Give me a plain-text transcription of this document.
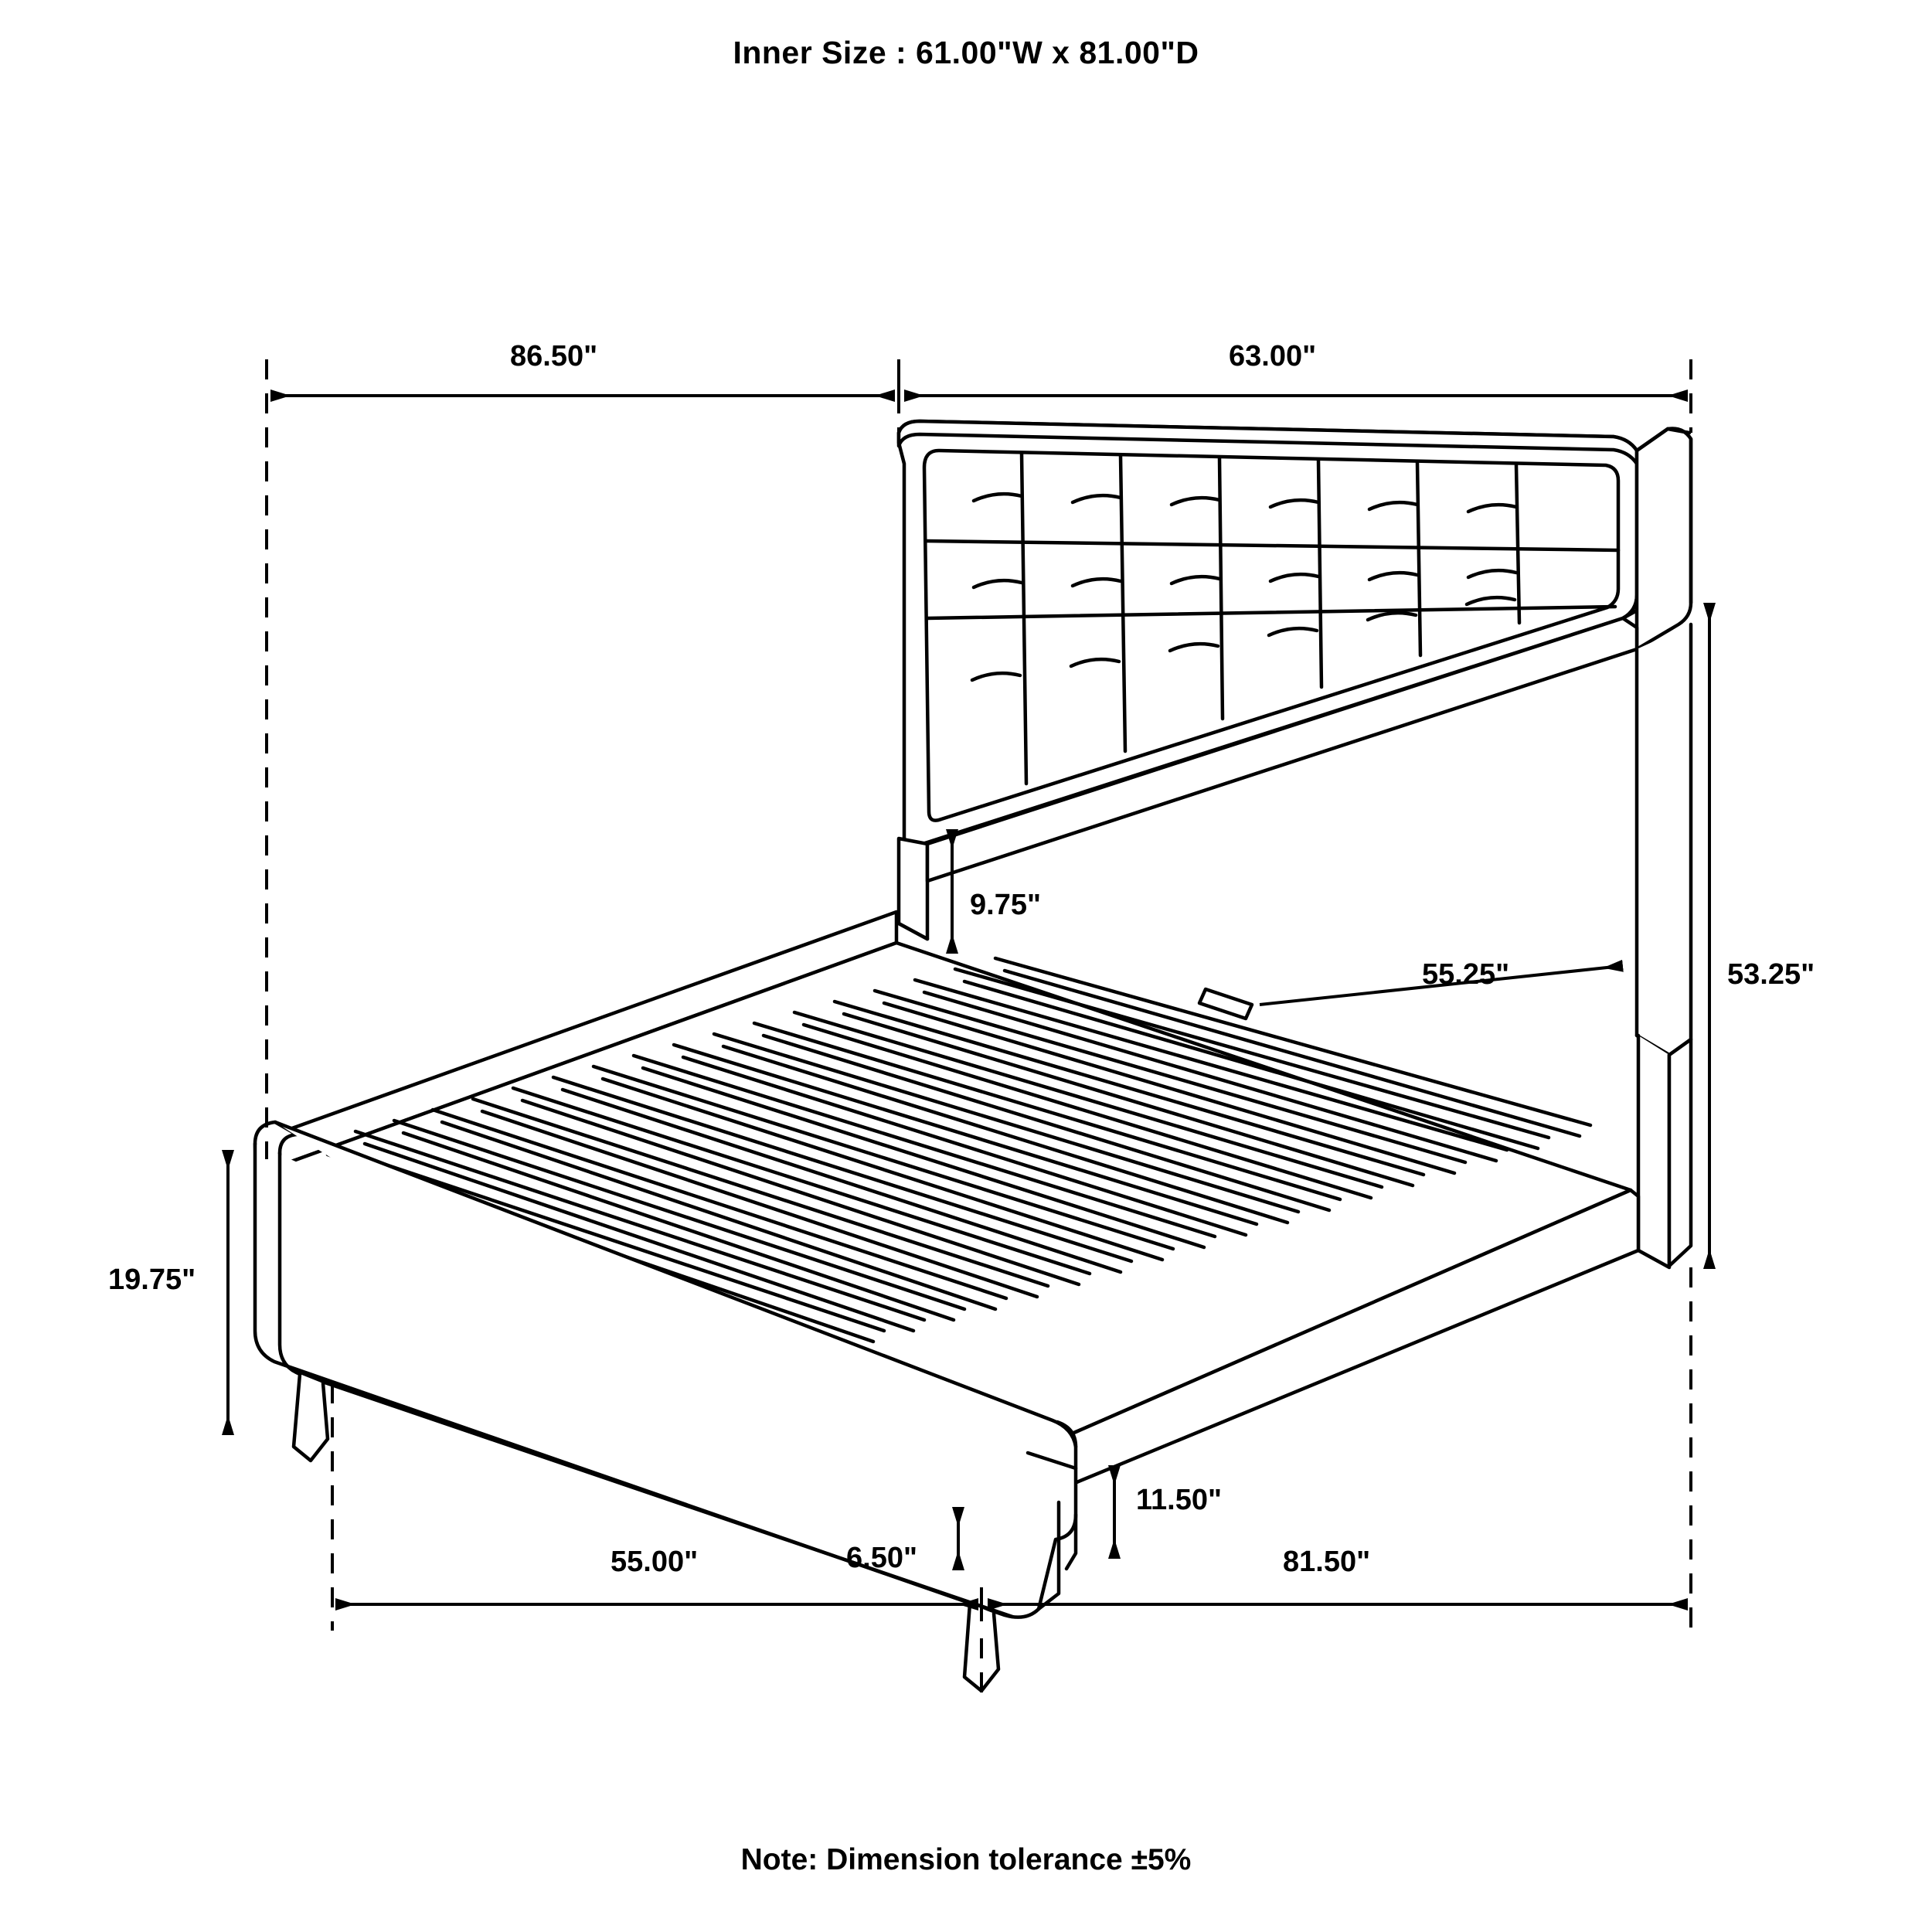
Inner Size : 61.00"W x 81.00"D
86.50"	63.00"
53.25"
9.75"
55.25"
19.75"
11.50"
6.50"
55.00"	81.50"
Note: Dimension tolerance ±5%
